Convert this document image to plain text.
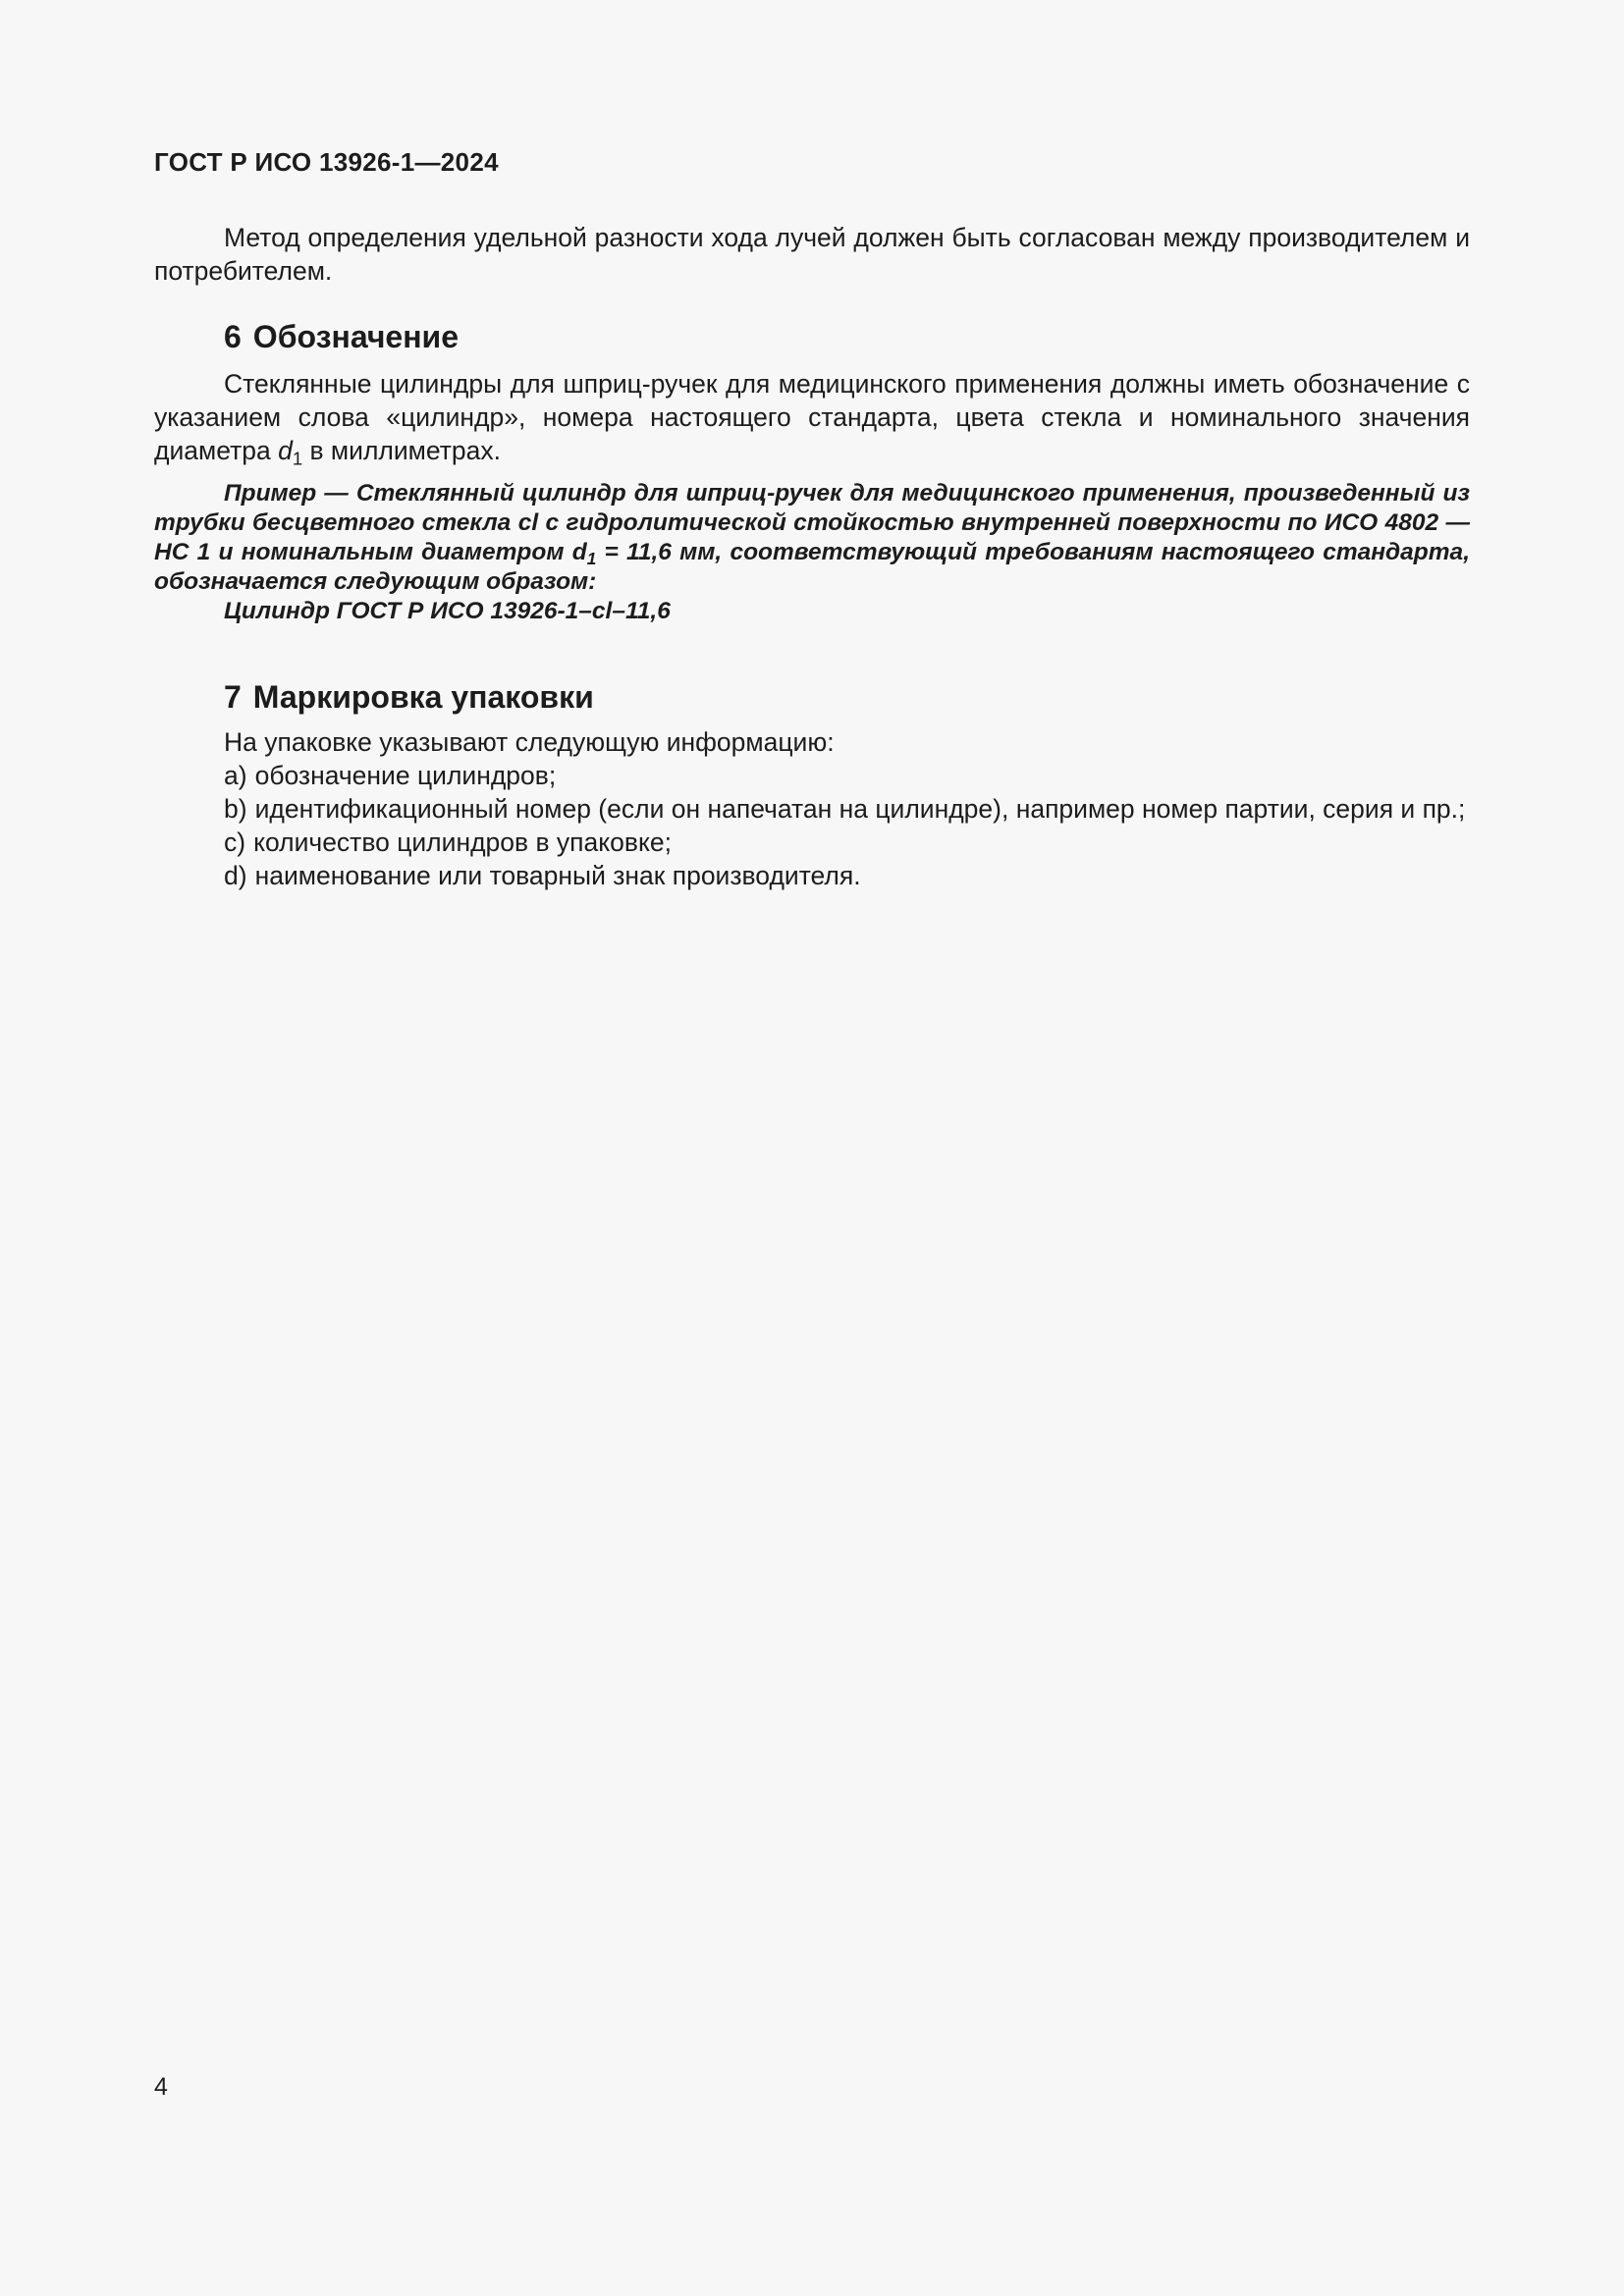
ГОСТ Р ИСО 13926-1—2024

Метод определения удельной разности хода лучей должен быть согласован между производителем и потребителем.

6 Обозначение

Стеклянные цилиндры для шприц-ручек для медицинского применения должны иметь обозначение с указанием слова «цилиндр», номера настоящего стандарта, цвета стекла и номинального значения диаметра $d_1$ в миллиметрах.

Пример — Стеклянный цилиндр для шприц-ручек для медицинского применения, произведенный из трубки бесцветного стекла cl с гидролитической стойкостью внутренней поверхности по ИСО 4802 — HC 1 и номинальным диаметром $d_1 = 11,6$ мм, соответствующий требованиям настоящего стандарта, обозначается следующим образом:

Цилиндр ГОСТ Р ИСО 13926-1–cl–11,6

7 Маркировка упаковки

На упаковке указывают следующую информацию:

a) обозначение цилиндров;

b) идентификационный номер (если он напечатан на цилиндре), например номер партии, серия и пр.;

c) количество цилиндров в упаковке;

d) наименование или товарный знак производителя.

4
